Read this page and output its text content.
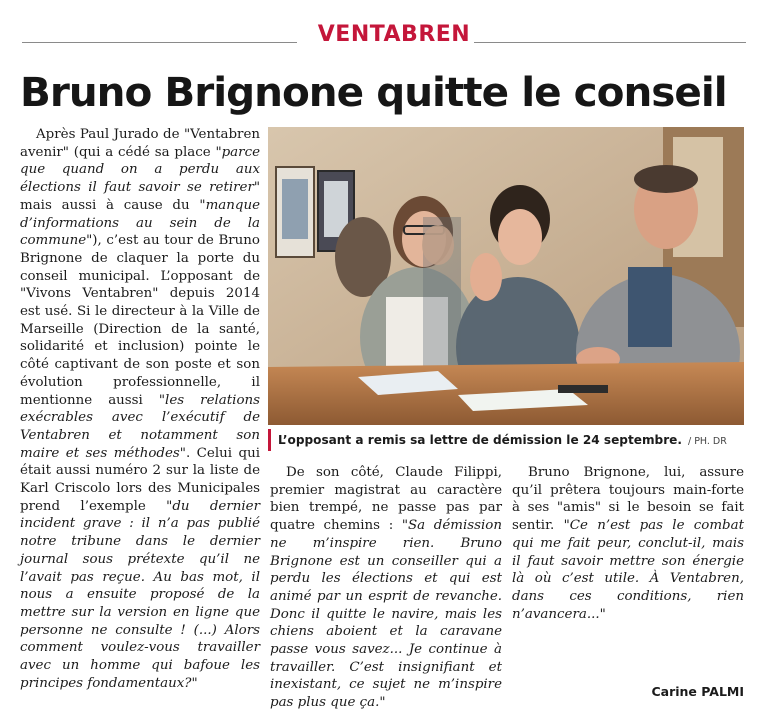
VENTABREN
Bruno Brignone quitte le conseil

Après Paul Jurado de "Ventabren avenir" (qui a cédé sa place "parce que quand on a perdu aux élections il faut savoir se retirer" mais aussi à cause du "manque d’informations au sein de la commune"), c’est au tour de Bruno Brignone de claquer la porte du conseil municipal. L’opposant de "Vivons Ventabren" depuis 2014 est usé. Si le directeur à la Ville de Marseille (Direction de la santé, solidarité et inclusion) pointe le côté captivant de son poste et son évolution professionnelle, il mentionne aussi "les relations exécrables avec l’exécutif de Ventabren et notamment son maire et ses méthodes". Celui qui était aussi numéro 2 sur la liste de Karl Criscolo lors des Municipales prend l’exemple "du dernier incident grave : il n’a pas publié notre tribune dans le dernier journal sous prétexte qu’il ne l’avait pas reçue. Au bas mot, il nous a ensuite proposé de la mettre sur la version en ligne que personne ne consulte ! (...) Alors comment voulez-vous travailler avec un homme qui bafoue les principes fondamentaux?"

L’opposant a remis sa lettre de démission le 24 septembre. / PH. DR

De son côté, Claude Filippi, premier magistrat au caractère bien trempé, ne passe pas par quatre chemins : "Sa démission ne m’inspire rien. Bruno Brignone est un conseiller qui a perdu les élections et qui est animé par un esprit de revanche. Donc il quitte le navire, mais les chiens aboient et la caravane passe vous savez... Je continue à travailler. C’est insignifiant et inexistant, ce sujet ne m’inspire pas plus que ça."

Bruno Brignone, lui, assure qu’il prêtera toujours main-forte à ses "amis" si le besoin se fait sentir. "Ce n’est pas le combat qui me fait peur, conclut-il, mais il faut savoir mettre son énergie là où c’est utile. À Ventabren, dans ces conditions, rien n’avancera..."

Carine PALMI
